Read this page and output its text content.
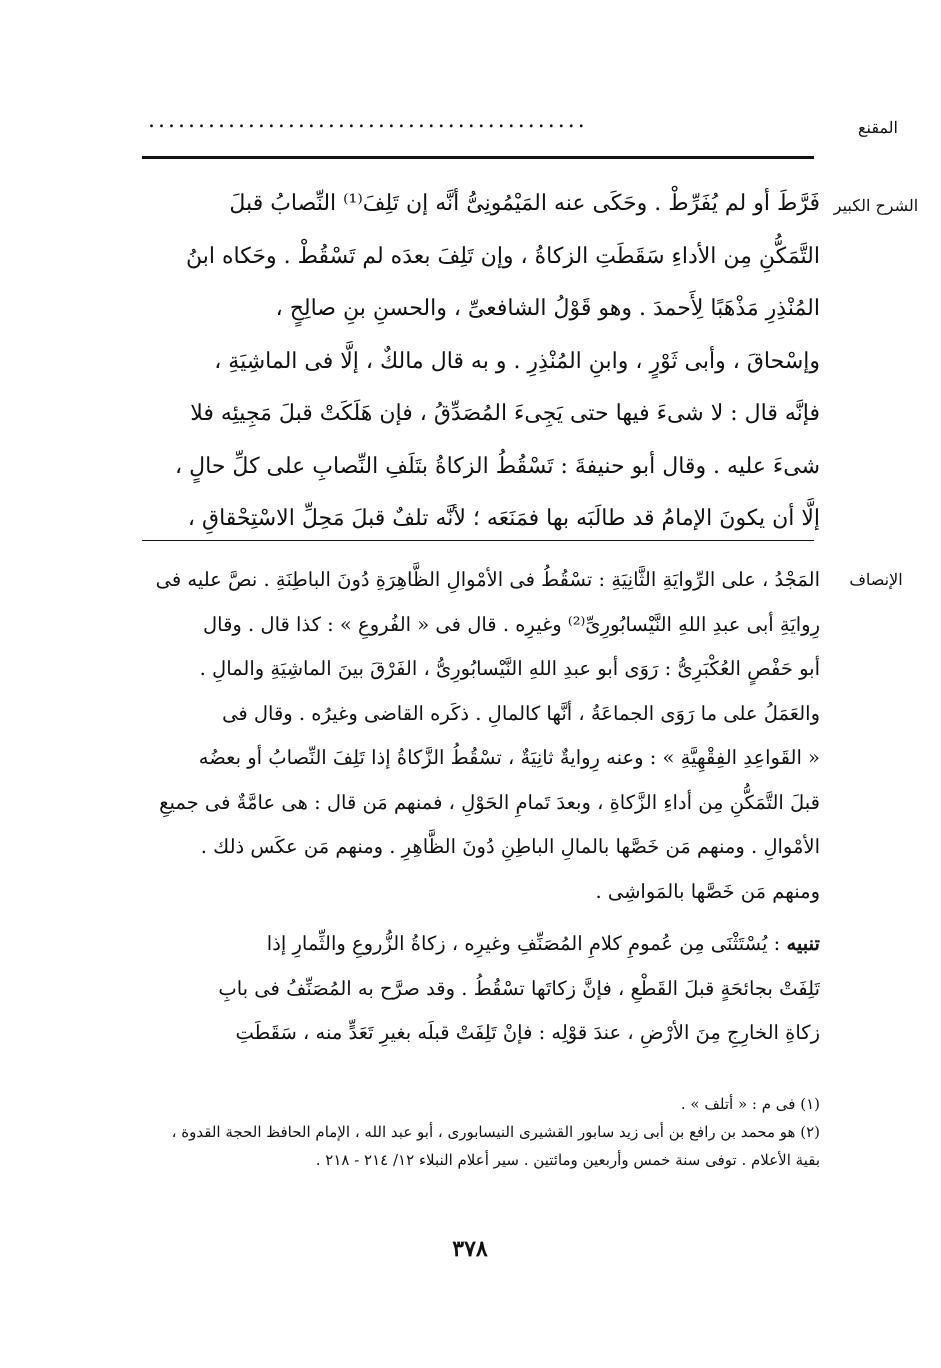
المقنع
............................................
الشرح الكبير
فَرَّطَ أو لم يُفَرِّطْ . وحَكَى عنه المَيْمُونِىُّ أنَّه إن تَلِفَ⁽¹⁾ النِّصابُ قبلَ
التَّمَكُّنِ مِن الأداءِ سَقَطَتِ الزكاةُ ، وإن تَلِفَ بعدَه لم تَسْقُطْ . وحَكاه ابنُ
المُنْذِرِ مَذْهَبًا لِأَحمدَ . وهو قَوْلُ الشافعىِّ ، والحسنِ بنِ صالِحٍ ،
وإسْحاقَ ، وأبى ثَوْرٍ ، وابنِ المُنْذِرِ . و به قال مالكٌ ، إلَّا فى الماشِيَةِ ،
فإنَّه قال : لا شىءَ فيها حتى يَجِىءَ المُصَدِّقُ ، فإن هَلَكَتْ قبلَ مَجِيئِه فلا
شىءَ عليه . وقال أبو حنيفةَ : تَسْقُطُ الزكاةُ بتَلَفِ النِّصابِ على كلِّ حالٍ ،
إلَّا أن يكونَ الإمامُ قد طالَبَه بها فمَنَعَه ؛ لأنَّه تلفٌ قبلَ مَحِلِّ الاسْتِحْقاقِ ،
الإنصاف
المَجْدُ ، على الرِّوايَةِ الثَّانِيَةِ : تسْقُطُ فى الأمْوالِ الظَّاهِرَةِ دُونَ الباطِنَةِ . نصَّ عليه فى
رِوايَةِ أبى عبدِ اللهِ النَّيْسابُورِىِّ⁽²⁾ وغيرِه . قال فى « الفُروعِ » : كذا قال . وقال
أبو حَفْصٍ العُكْبَرِىُّ : رَوَى أبو عبدِ اللهِ النَّيْسابُورِىُّ ، الفَرْقَ بينَ الماشِيَةِ والمالِ .
والعَمَلُ على ما رَوَى الجماعَةُ ، أنَّها كالمالِ . ذكَره القاضى وغيرُه . وقال فى
« القَواعِدِ الفِقْهِيَّةِ » : وعنه رِوايةٌ ثانِيَةٌ ، تسْقُطُ الزَّكاةُ إذا تَلِفَ النِّصابُ أو بعضُه
قبلَ التَّمَكُّنِ مِن أداءِ الزَّكاةِ ، وبعدَ تَمامِ الحَوْلِ ، فمنهم مَن قال : هى عامَّةٌ فى جميعِ
الأمْوالِ . ومنهم مَن خَصَّها بالمالِ الباطِنِ دُونَ الظَّاهِرِ . ومنهم مَن عكَس ذلك .
ومنهم مَن خَصَّها بالمَواشِى .
تنبيه : يُسْتَثْنَى مِن عُمومِ كلامِ المُصَنِّفِ وغيرِه ، زكاةُ الزُّروعِ والثِّمارِ إذا
تَلِفَتْ بجائحَةٍ قبلَ القَطْعِ ، فإنَّ زكاتَها تسْقُطُ . وقد صرَّح به المُصَنِّفُ فى بابِ
زكاةِ الخارِجِ مِنَ الأرْضِ ، عندَ قوْلِه : فإنْ تَلِفَتْ قبلَه بغيرِ تَعَدٍّ منه ، سَقَطَتِ
(١) فى م : « أتلف » .
(٢) هو محمد بن رافع بن أبى زيد سابور القشيرى النيسابورى ، أبو عبد الله ، الإمام الحافظ الحجة القدوة ،
بقية الأعلام . توفى سنة خمس وأربعين ومائتين . سير أعلام النبلاء ١٢/ ٢١٤ - ٢١٨ .
٣٧٨
